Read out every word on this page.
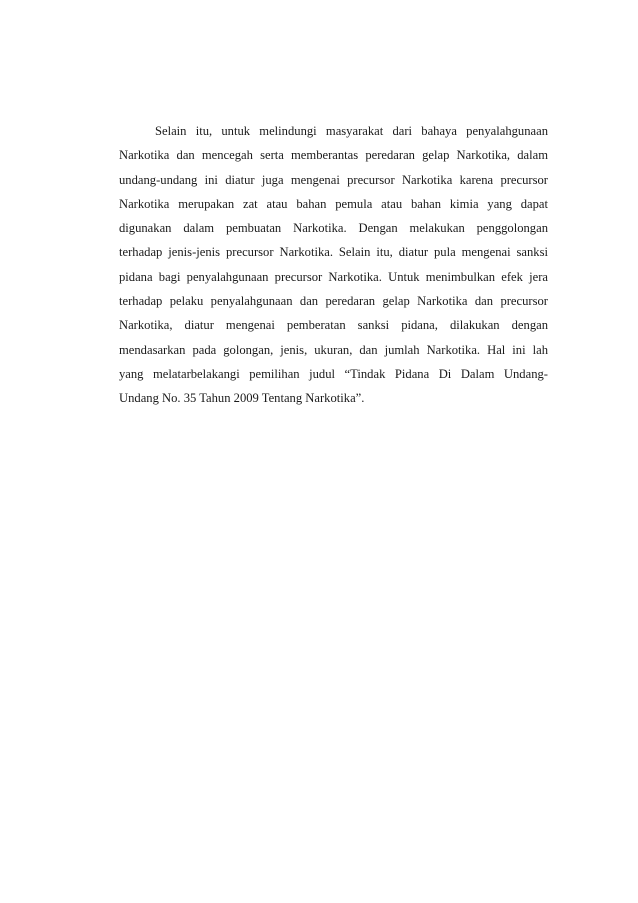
Selain itu, untuk melindungi masyarakat dari bahaya penyalahgunaan
Narkotika dan mencegah serta memberantas peredaran gelap Narkotika, dalam
undang-undang ini diatur juga mengenai precursor Narkotika karena precursor
Narkotika merupakan zat atau bahan pemula atau bahan kimia yang dapat
digunakan dalam pembuatan Narkotika. Dengan melakukan penggolongan
terhadap jenis-jenis precursor Narkotika. Selain itu, diatur pula mengenai sanksi
pidana bagi penyalahgunaan precursor Narkotika. Untuk menimbulkan efek jera
terhadap pelaku penyalahgunaan dan peredaran gelap Narkotika dan precursor
Narkotika, diatur mengenai pemberatan sanksi pidana, dilakukan dengan
mendasarkan pada golongan, jenis, ukuran, dan jumlah Narkotika. Hal ini lah
yang melatarbelakangi pemilihan judul “Tindak Pidana Di Dalam Undang-
Undang No. 35 Tahun 2009 Tentang Narkotika”.
